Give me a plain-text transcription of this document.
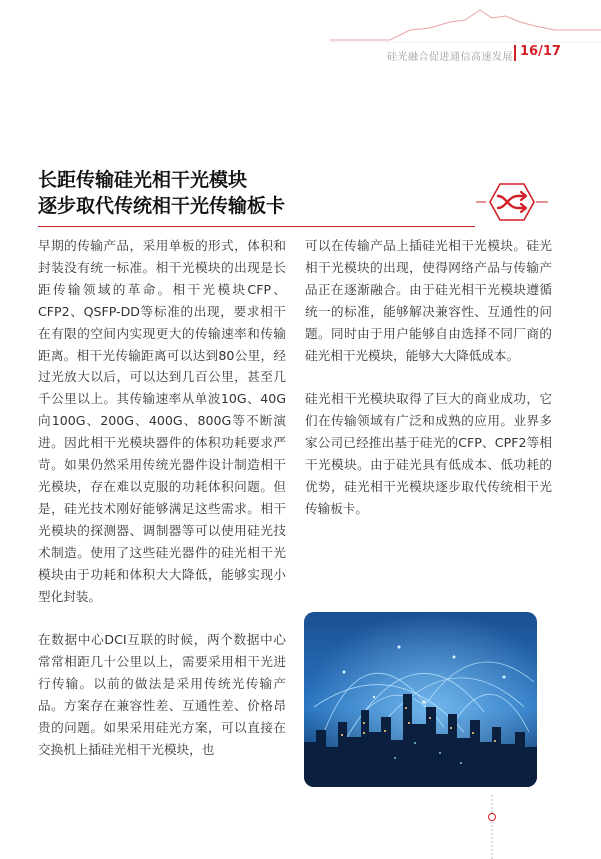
硅光融合促进通信高速发展 16/17
长距传输硅光相干光模块
逐步取代传统相干光传输板卡

早期的传输产品，采用单板的形式，体积和封装没有统一标准。相干光模块的出现是长距传输领域的革命。相干光模块CFP、CFP2、QSFP-DD等标准的出现，要求相干在有限的空间内实现更大的传输速率和传输距离。相干光传输距离可以达到80公里，经过光放大以后，可以达到几百公里，甚至几千公里以上。其传输速率从单波10G、40G向100G、200G、400G、800G等不断演进。因此相干光模块器件的体积功耗要求严苛。如果仍然采用传统光器件设计制造相干光模块，存在难以克服的功耗体积问题。但是，硅光技术刚好能够满足这些需求。相干光模块的探测器、调制器等可以使用硅光技术制造。使用了这些硅光器件的硅光相干光模块由于功耗和体积大大降低，能够实现小型化封装。

在数据中心DCI互联的时候，两个数据中心常常相距几十公里以上，需要采用相干光进行传输。以前的做法是采用传统光传输产品。方案存在兼容性差、互通性差、价格昂贵的问题。如果采用硅光方案，可以直接在交换机上插硅光相干光模块，也

可以在传输产品上插硅光相干光模块。硅光相干光模块的出现，使得网络产品与传输产品正在逐渐融合。由于硅光相干光模块遵循统一的标准，能够解决兼容性、互通性的问题。同时由于用户能够自由选择不同厂商的硅光相干光模块，能够大大降低成本。

硅光相干光模块取得了巨大的商业成功，它们在传输领域有广泛和成熟的应用。业界多家公司已经推出基于硅光的CFP、CPF2等相干光模块。由于硅光具有低成本、低功耗的优势，硅光相干光模块逐步取代传统相干光传输板卡。
